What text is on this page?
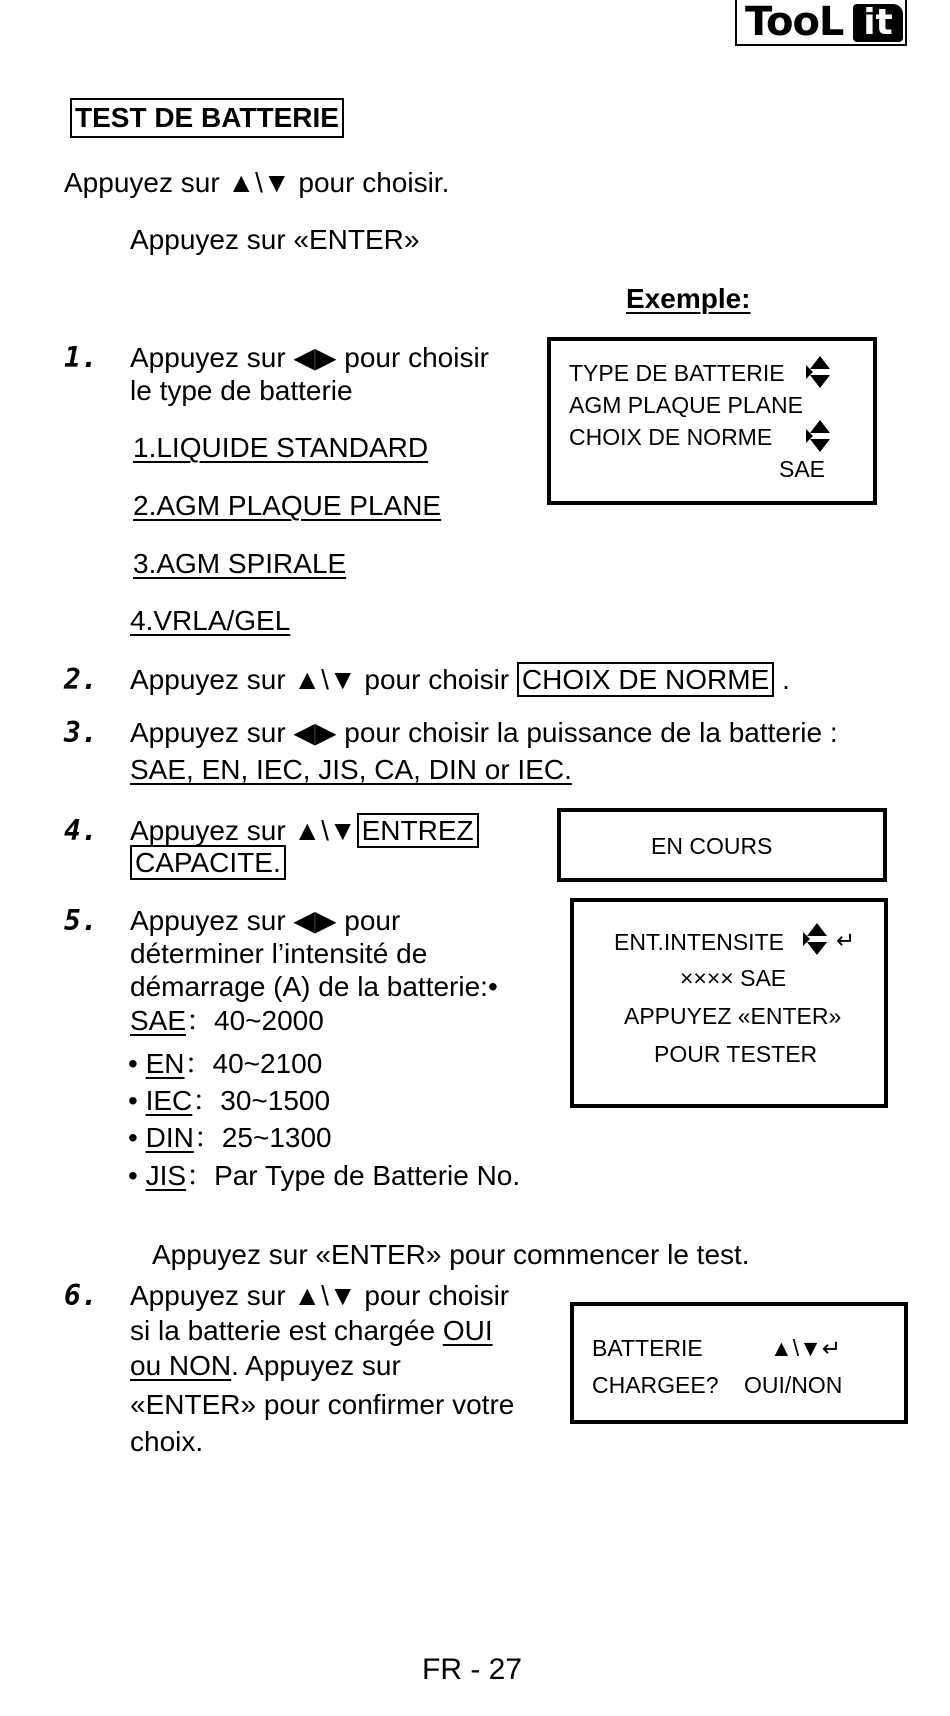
TooL it
TEST DE BATTERIE
Appuyez sur ▲\▼ pour choisir.
Appuyez sur «ENTER»
Exemple:
1. Appuyez sur ◀▶ pour choisir
le type de batterie
1.LIQUIDE STANDARD
2.AGM PLAQUE PLANE
3.AGM SPIRALE
4.VRLA/GEL
TYPE DE BATTERIE
AGM PLAQUE PLANE
CHOIX DE NORME
SAE
2. Appuyez sur ▲\▼ pour choisir CHOIX DE NORME .
3. Appuyez sur ◀▶ pour choisir la puissance de la batterie :
SAE, EN, IEC, JIS, CA, DIN or IEC.
4. Appuyez sur ▲\▼ ENTREZ
CAPACITE.
EN COURS
5. Appuyez sur ◀▶ pour
déterminer l’intensité de
démarrage (A) de la batterie:•
SAE：40~2000
• EN：40~2100
• IEC：30~1500
• DIN：25~1300
• JIS：Par Type de Batterie No.
Appuyez sur «ENTER» pour commencer le test.
ENT.INTENSITE ↵
×××× SAE
APPUYEZ «ENTER»
POUR TESTER
6. Appuyez sur ▲\▼ pour choisir
si la batterie est chargée OUI
ou NON. Appuyez sur
«ENTER» pour confirmer votre
choix.
BATTERIE	▲\▼↵
CHARGEE? OUI/NON
FR - 27
